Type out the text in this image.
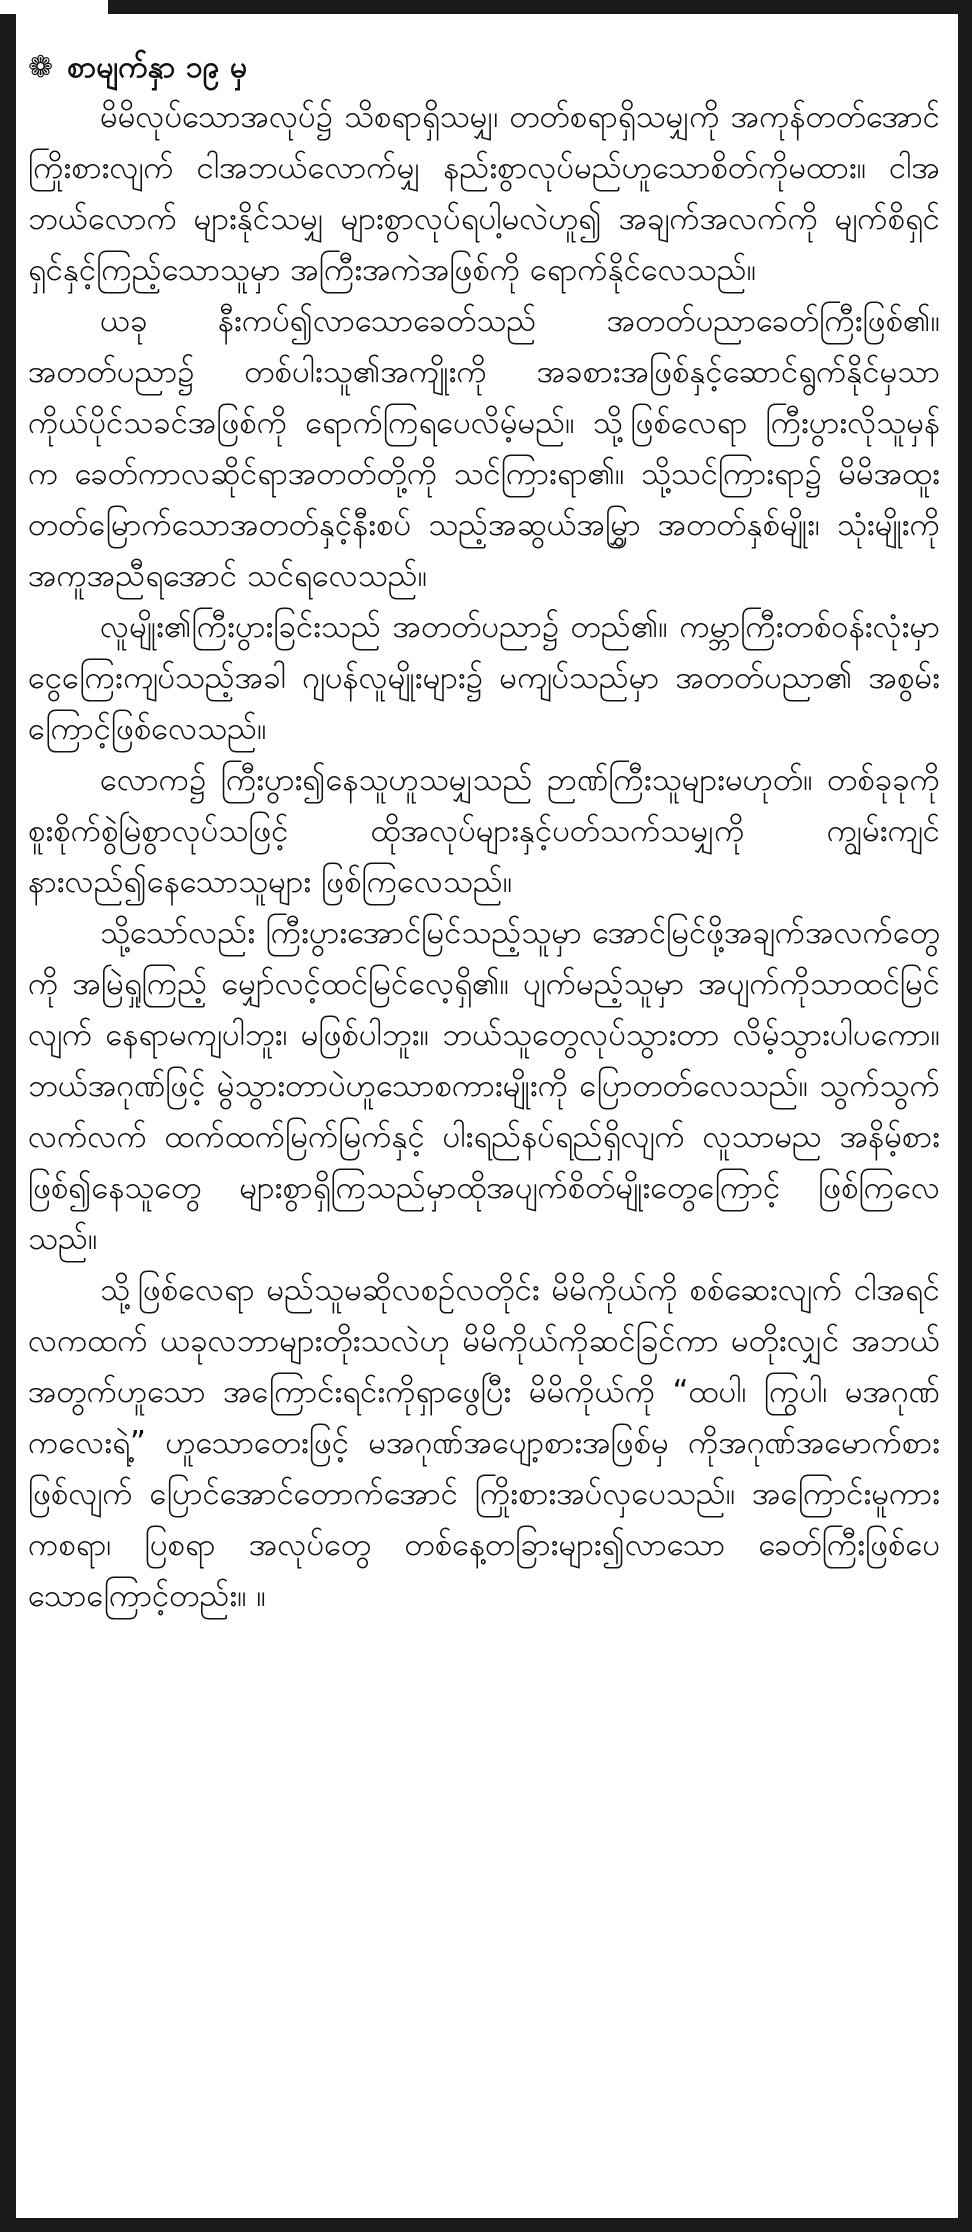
❁ စာမျက်နှာ ၁၉ မှ

မိမိလုပ်သောအလုပ်၌ သိစရာရှိသမျှ၊ တတ်စရာရှိသမျှကို အကုန်တတ်အောင် ကြိုးစားလျက် ငါအဘယ်လောက်မျှ နည်းစွာလုပ်မည်ဟူသောစိတ်ကိုမထား။ ငါအဘယ်လောက် များနိုင်သမျှ များစွာလုပ်ရပါ့မလဲဟူ၍ အချက်အလက်ကို မျက်စိရှင်ရှင်နှင့်ကြည့်သောသူမှာ အကြီးအကဲအဖြစ်ကို ရောက်နိုင်လေသည်။

ယခု နီးကပ်၍လာသောခေတ်သည် အတတ်ပညာခေတ်ကြီးဖြစ်၏။ အတတ်ပညာ၌ တစ်ပါးသူ၏အကျိုးကို အခစားအဖြစ်နှင့်ဆောင်ရွက်နိုင်မှသာ ကိုယ်ပိုင်သခင်အဖြစ်ကို ရောက်ကြရပေလိမ့်မည်။ သို့ဖြစ်လေရာ ကြီးပွားလိုသူမှန်က ခေတ်ကာလဆိုင်ရာအတတ်တို့ကို သင်ကြားရာ၏။ သို့သင်ကြားရာ၌ မိမိအထူးတတ်မြောက်သောအတတ်နှင့်နီးစပ် သည့်အဆွယ်အမြွှာ အတတ်နှစ်မျိုး၊ သုံးမျိုးကို အကူအညီရအောင် သင်ရလေသည်။

လူမျိုး၏ကြီးပွားခြင်းသည် အတတ်ပညာ၌ တည်၏။ ကမ္ဘာကြီးတစ်ဝန်းလုံးမှာ ငွေကြေးကျပ်သည့်အခါ ဂျပန်လူမျိုးများ၌ မကျပ်သည်မှာ အတတ်ပညာ၏ အစွမ်းကြောင့်ဖြစ်လေသည်။

လောက၌ ကြီးပွား၍နေသူဟူသမျှသည် ဉာဏ်ကြီးသူများမဟုတ်။ တစ်ခုခုကို စူးစိုက်စွဲမြဲစွာလုပ်သဖြင့် ထိုအလုပ်များနှင့်ပတ်သက်သမျှကို ကျွမ်းကျင်နားလည်၍နေသောသူများ ဖြစ်ကြလေသည်။

သို့သော်လည်း ကြီးပွားအောင်မြင်သည့်သူမှာ အောင်မြင်ဖို့အချက်အလက်တွေကို အမြဲရှုကြည့် မျှော်လင့်ထင်မြင်လေ့ရှိ၏။ ပျက်မည့်သူမှာ အပျက်ကိုသာထင်မြင်လျက် နေရာမကျပါဘူး၊ မဖြစ်ပါဘူး။ ဘယ်သူတွေလုပ်သွားတာ လိမ့်သွားပါပကော။ ဘယ်အဂုဏ်ဖြင့် မွဲသွားတာပဲဟူသောစကားမျိုးကို ပြောတတ်လေသည်။ သွက်သွက်လက်လက် ထက်ထက်မြက်မြက်နှင့် ပါးရည်နပ်ရည်ရှိလျက် လူသာမည အနိမ့်စားဖြစ်၍နေသူတွေ များစွာရှိကြသည်မှာထိုအပျက်စိတ်မျိုးတွေကြောင့် ဖြစ်ကြလေသည်။

သို့ဖြစ်လေရာ မည်သူမဆိုလစဉ်လတိုင်း မိမိကိုယ်ကို စစ်ဆေးလျက် ငါအရင်လကထက် ယခုလဘာများတိုးသလဲဟု မိမိကိုယ်ကိုဆင်ခြင်ကာ မတိုးလျှင် အဘယ်အတွက်ဟူသော အကြောင်းရင်းကိုရှာဖွေပြီး မိမိကိုယ်ကို “ထပါ၊ ကြွပါ၊ မအဂုဏ်ကလေးရဲ့” ဟူသောတေးဖြင့် မအဂုဏ်အပျော့စားအဖြစ်မှ ကိုအဂုဏ်အမောက်စားဖြစ်လျက် ပြောင်အောင်တောက်အောင် ကြိုးစားအပ်လှပေသည်။ အကြောင်းမူကား ကစရာ၊ ပြစရာ အလုပ်တွေ တစ်နေ့တခြားများ၍လာသော ခေတ်ကြီးဖြစ်ပေသောကြောင့်တည်း။ ။
